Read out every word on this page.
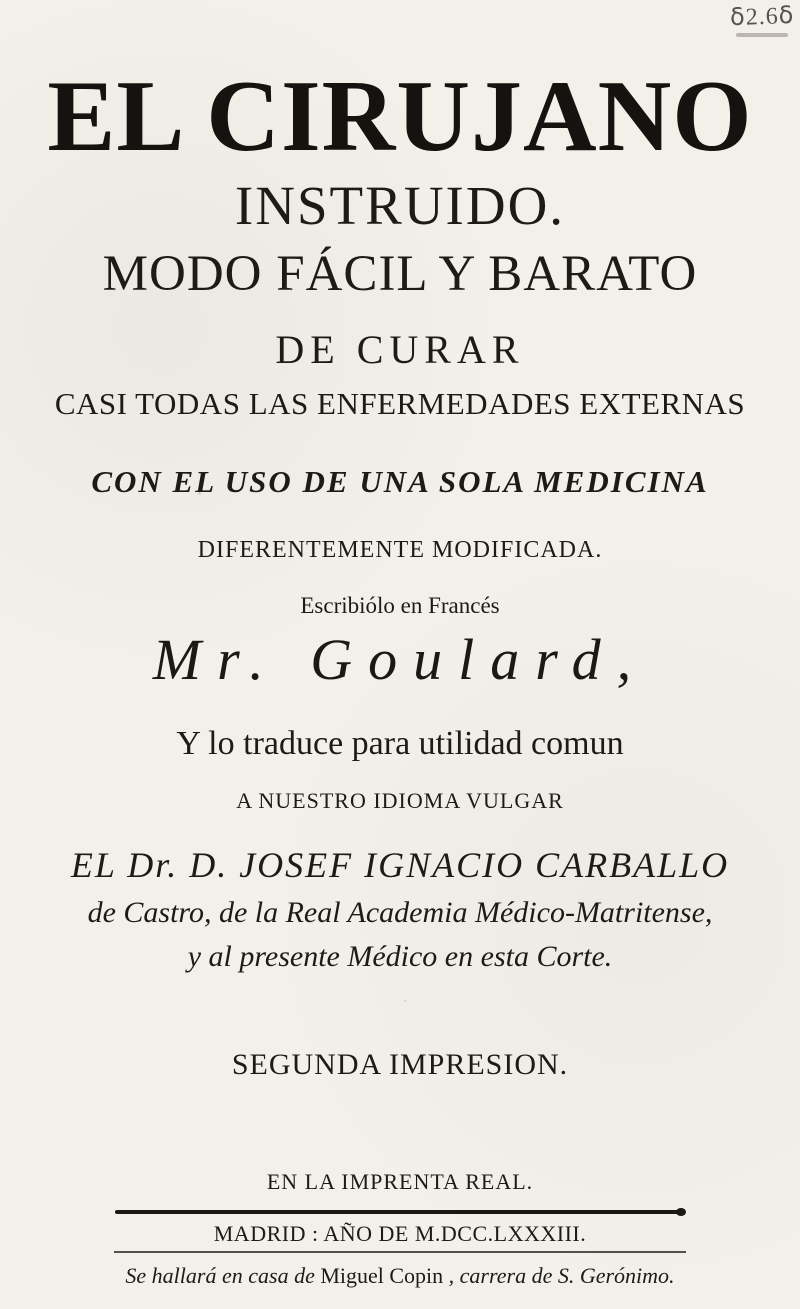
ẟ2.6ẟ
EL CIRUJANO
INSTRUIDO.
MODO FÁCIL Y BARATO
DE CURAR
CASI TODAS LAS ENFERMEDADES EXTERNAS
CON EL USO DE UNA SOLA MEDICINA
DIFERENTEMENTE MODIFICADA.
Escribiólo en Francés
Mr. Goulard,
Y lo traduce para utilidad comun
A NUESTRO IDIOMA VULGAR
EL Dr. D. JOSEF IGNACIO CARBALLO
de Castro, de la Real Academia Médico-Matritense,
y al presente Médico en esta Corte.
SEGUNDA IMPRESION.
EN LA IMPRENTA REAL.
MADRID : AÑO DE M.DCC.LXXXIII.
Se hallará en casa de Miguel Copin , carrera de S. Gerónimo.
